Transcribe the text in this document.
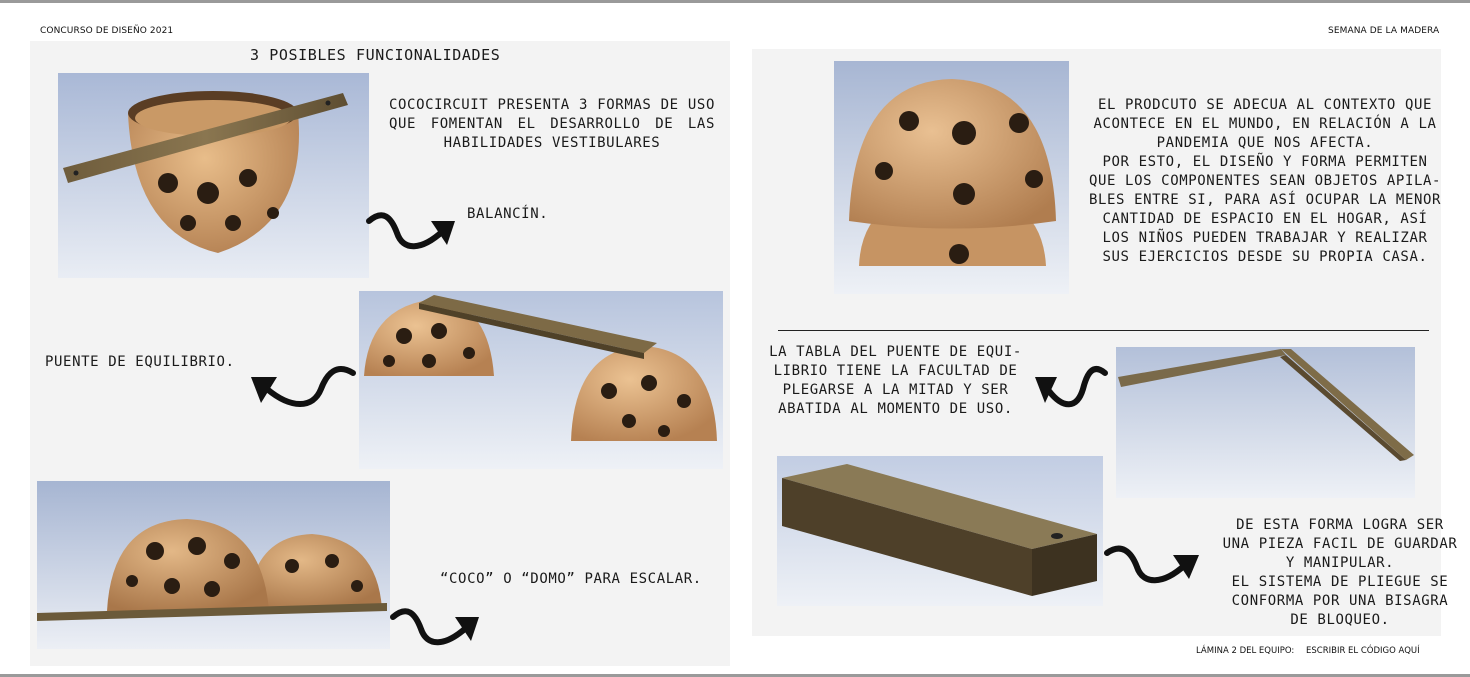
CONCURSO DE DISEÑO 2021	SEMANA DE LA MADERA
3 POSIBLES FUNCIONALIDADES
COCOCIRCUIT PRESENTA 3 FORMAS DE USO QUE FOMENTAN EL DESARROLLO DE LAS HABILIDADES VESTIBULARES
BALANCÍN.
PUENTE DE EQUILIBRIO.
“COCO” O “DOMO” PARA ESCALAR.
EL PRODCUTO SE ADECUA AL CONTEXTO QUE
ACONTECE EN EL MUNDO, EN RELACIÓN A LA
PANDEMIA QUE NOS AFECTA.
POR ESTO, EL DISEÑO Y FORMA PERMITEN
QUE LOS COMPONENTES SEAN OBJETOS APILA-
BLES ENTRE SI, PARA ASÍ OCUPAR LA MENOR
CANTIDAD DE ESPACIO EN EL HOGAR, ASÍ
LOS NIÑOS PUEDEN TRABAJAR Y REALIZAR
SUS EJERCICIOS DESDE SU PROPIA CASA.
LA TABLA DEL PUENTE DE EQUI-
LIBRIO TIENE LA FACULTAD DE
PLEGARSE A LA MITAD Y SER
ABATIDA AL MOMENTO DE USO.
DE ESTA FORMA LOGRA SER
UNA PIEZA FACIL DE GUARDAR
Y MANIPULAR.
EL SISTEMA DE PLIEGUE SE
CONFORMA POR UNA BISAGRA
DE BLOQUEO.
LÁMINA 2 DEL EQUIPO: ESCRIBIR EL CÓDIGO AQUÍ
